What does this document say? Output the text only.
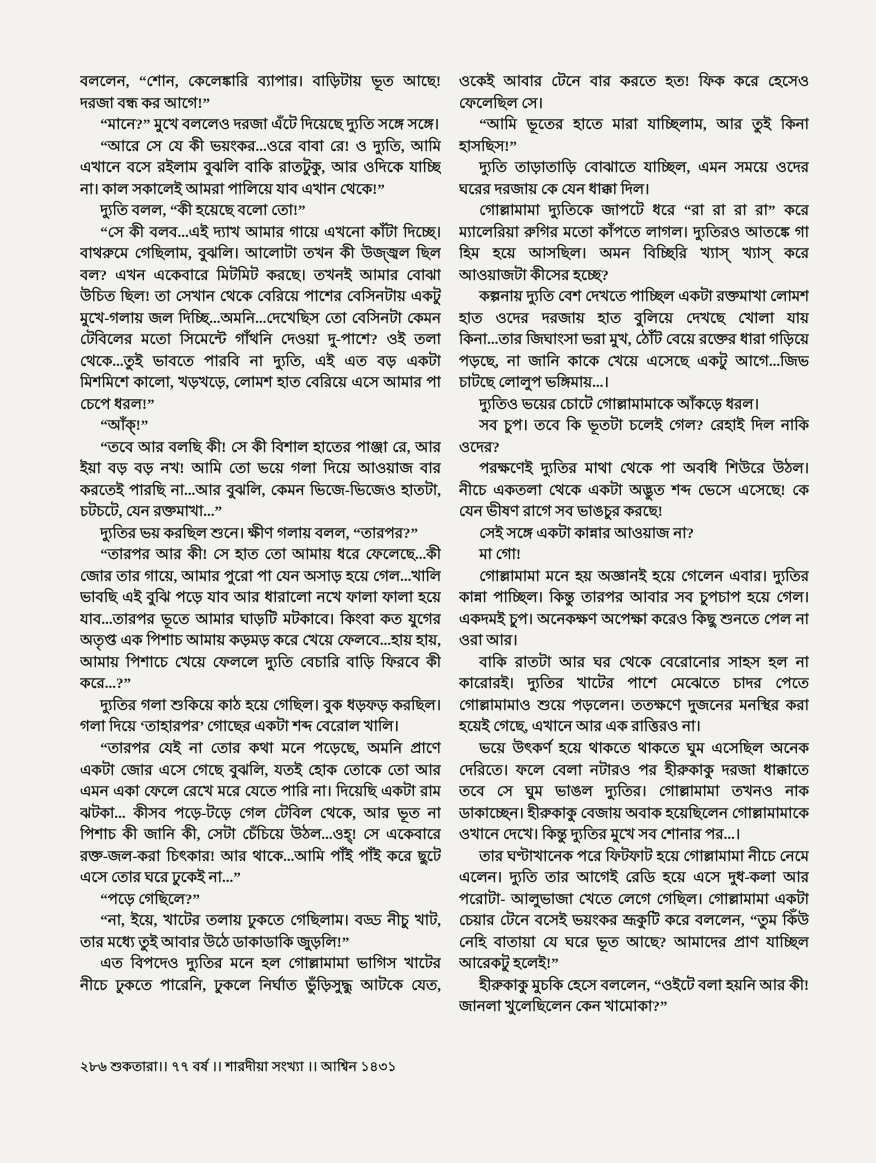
বললেন, “শোন, কেলেঙ্কারি ব্যাপার। বাড়িটায় ভূত আছে! দরজা বন্ধ কর আগে!”

“মানে?” মুখে বললেও দরজা এঁটে দিয়েছে দ্যুতি সঙ্গে সঙ্গে।

“আরে সে যে কী ভয়ংকর...ওরে বাবা রে! ও দ্যুতি, আমি এখানে বসে রইলাম বুঝলি বাকি রাতটুকু, আর ওদিকে যাচ্ছি না। কাল সকালেই আমরা পালিয়ে যাব এখান থেকে!”

দ্যুতি বলল, “কী হয়েছে বলো তো!”

“সে কী বলব...এই দ্যাখ আমার গায়ে এখনো কাঁটা দিচ্ছে। বাথরুমে গেছিলাম, বুঝলি। আলোটা তখন কী উজ্জ্বল ছিল বল? এখন একেবারে মিটমিট করছে। তখনই আমার বোঝা উচিত ছিল! তা সেখান থেকে বেরিয়ে পাশের বেসিনটায় একটু মুখে-গলায় জল দিচ্ছি...অমনি...দেখেছিস তো বেসিনটা কেমন টেবিলের মতো সিমেন্টে গাঁথনি দেওয়া দু-পাশে? ওই তলা থেকে...তুই ভাবতে পারবি না দ্যুতি, এই এত বড় একটা মিশমিশে কালো, খড়খড়ে, লোমশ হাত বেরিয়ে এসে আমার পা চেপে ধরল!”

“আঁক্!”

“তবে আর বলছি কী! সে কী বিশাল হাতের পাঞ্জা রে, আর ইয়া বড় বড় নখ! আমি তো ভয়ে গলা দিয়ে আওয়াজ বার করতেই পারছি না...আর বুঝলি, কেমন ভিজে-ভিজেও হাতটা, চটচটে, যেন রক্তমাখা...”

দ্যুতির ভয় করছিল শুনে। ক্ষীণ গলায় বলল, “তারপর?”

“তারপর আর কী! সে হাত তো আমায় ধরে ফেলেছে...কী জোর তার গায়ে, আমার পুরো পা যেন অসাড় হয়ে গেল...খালি ভাবছি এই বুঝি পড়ে যাব আর ধারালো নখে ফালা ফালা হয়ে যাব...তারপর ভূতে আমার ঘাড়টি মটকাবে। কিংবা কত যুগের অতৃপ্ত এক পিশাচ আমায় কড়মড় করে খেয়ে ফেলবে...হায় হায়, আমায় পিশাচে খেয়ে ফেললে দ্যুতি বেচারি বাড়ি ফিরবে কী করে...?”

দ্যুতির গলা শুকিয়ে কাঠ হয়ে গেছিল। বুক ধড়ফড় করছিল। গলা দিয়ে ‘তাহারপর’ গোছের একটা শব্দ বেরোল খালি।

“তারপর যেই না তোর কথা মনে পড়েছে, অমনি প্রাণে একটা জোর এসে গেছে বুঝলি, যতই হোক তোকে তো আর এমন একা ফেলে রেখে মরে যেতে পারি না। দিয়েছি একটা রাম ঝটকা... কীসব পড়ে-টড়ে গেল টেবিল থেকে, আর ভূত না পিশাচ কী জানি কী, সেটা চেঁচিয়ে উঠল...ওহ্! সে একেবারে রক্ত-জল-করা চিৎকার! আর থাকে...আমি পাঁই পাঁই করে ছুটে এসে তোর ঘরে ঢুকেই না...”

“পড়ে গেছিলে?”

“না, ইয়ে, খাটের তলায় ঢুকতে গেছিলাম। বড্ড নীচু খাট, তার মধ্যে তুই আবার উঠে ডাকাডাকি জুড়লি!”

এত বিপদেও দ্যুতির মনে হল গোল্লামামা ভাগিস খাটের নীচে ঢুকতে পারেনি, ঢুকলে নির্ঘাত ভুঁড়িসুদ্ধু আটকে যেত,

ওকেই আবার টেনে বার করতে হত! ফিক করে হেসেও ফেলেছিল সে।

“আমি ভূতের হাতে মারা যাচ্ছিলাম, আর তুই কিনা হাসছিস!”

দ্যুতি তাড়াতাড়ি বোঝাতে যাচ্ছিল, এমন সময়ে ওদের ঘরের দরজায় কে যেন ধাক্কা দিল।

গোল্লামামা দ্যুতিকে জাপটে ধরে “রা রা রা রা” করে ম্যালেরিয়া রুগির মতো কাঁপতে লাগল। দ্যুতিরও আতঙ্কে গা হিম হয়ে আসছিল। অমন বিচ্ছিরি খ্যাস্ খ্যাস্ করে আওয়াজটা কীসের হচ্ছে?

কল্পনায় দ্যুতি বেশ দেখতে পাচ্ছিল একটা রক্তমাখা লোমশ হাত ওদের দরজায় হাত বুলিয়ে দেখছে খোলা যায় কিনা...তার জিঘাংসা ভরা মুখ, ঠোঁট বেয়ে রক্তের ধারা গড়িয়ে পড়ছে, না জানি কাকে খেয়ে এসেছে একটু আগে...জিভ চাটছে লোলুপ ভঙ্গিমায়...।

দ্যুতিও ভয়ের চোটে গোল্লামামাকে আঁকড়ে ধরল।

সব চুপ। তবে কি ভূতটা চলেই গেল? রেহাই দিল নাকি ওদের?

পরক্ষণেই দ্যুতির মাথা থেকে পা অবধি শিউরে উঠল। নীচে একতলা থেকে একটা অদ্ভুত শব্দ ভেসে এসেছে! কে যেন ভীষণ রাগে সব ভাঙচুর করছে!

সেই সঙ্গে একটা কান্নার আওয়াজ না?

মা গো!

গোল্লামামা মনে হয় অজ্ঞানই হয়ে গেলেন এবার। দ্যুতির কান্না পাচ্ছিল। কিন্তু তারপর আবার সব চুপচাপ হয়ে গেল। একদমই চুপ। অনেকক্ষণ অপেক্ষা করেও কিছু শুনতে পেল না ওরা আর।

বাকি রাতটা আর ঘর থেকে বেরোনোর সাহস হল না কারোরই। দ্যুতির খাটের পাশে মেঝেতে চাদর পেতে গোল্লামামাও শুয়ে পড়লেন। ততক্ষণে দুজনের মনস্থির করা হয়েই গেছে, এখানে আর এক রাত্তিরও না।

ভয়ে উৎকর্ণ হয়ে থাকতে থাকতে ঘুম এসেছিল অনেক দেরিতে। ফলে বেলা নটারও পর হীরুকাকু দরজা ধাক্কাতে তবে সে ঘুম ভাঙল দ্যুতির। গোল্লামামা তখনও নাক ডাকাচ্ছেন। হীরুকাকু বেজায় অবাক হয়েছিলেন গোল্লামামাকে ওখানে দেখে। কিন্তু দ্যুতির মুখে সব শোনার পর...।

তার ঘণ্টাখানেক পরে ফিটফাট হয়ে গোল্লামামা নীচে নেমে এলেন। দ্যুতি তার আগেই রেডি হয়ে এসে দুধ-কলা আর পরোটা- আলুভাজা খেতে লেগে গেছিল। গোল্লামামা একটা চেয়ার টেনে বসেই ভয়ংকর ভ্রূকুটি করে বললেন, “তুম কিঁউ নেহি বাতায়া যে ঘরে ভূত আছে? আমাদের প্রাণ যাচ্ছিল আরেকটু হলেই!”

হীরুকাকু মুচকি হেসে বললেন, “ওইটে বলা হয়নি আর কী! জানলা খুলেছিলেন কেন খামোকা?”

২৮৬ শুকতারা।। ৭৭ বর্ষ ।। শারদীয়া সংখ্যা ।। আশ্বিন ১৪৩১
